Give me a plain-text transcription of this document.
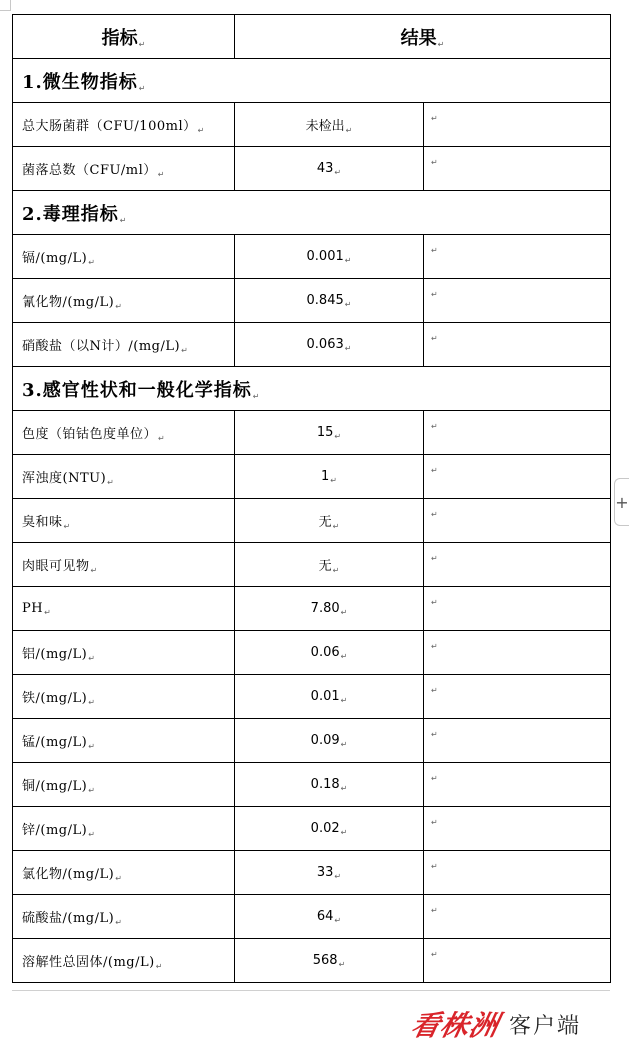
指标↵	结果↵	
1.微生物指标↵		
总大肠菌群$(CFU/100ml)_↵$	未检出$_↵$	↵
菌落总数$(CFU/ml)_↵$	$43_↵$	↵
2.毒理指标↵		
镉$/(mg/L)_↵$	$0.001_↵$	↵
氰化物$/(mg/L)_↵$	$0.845_↵$	↵
硝酸盐（以N计）$/(mg/L)_↵$	$0.063_↵$	↵
3.感官性状和一般化学指标↵		
色度（铂钴色度单位）$_↵$	$15_↵$	↵
浑浊度$(NTU)_↵$	$1_↵$	↵
臭和味$_↵$	无$_↵$	↵
肉眼可见物$_↵$	无$_↵$	↵
$PH_↵$	$7.80_↵$	↵
铝$/(mg/L)_↵$	$0.06_↵$	↵
铁$/(mg/L)_↵$	$0.01_↵$	↵
锰$/(mg/L)_↵$	$0.09_↵$	↵
铜$/(mg/L)_↵$	$0.18_↵$	↵
锌$/(mg/L)_↵$	$0.02_↵$	↵
氯化物$/(mg/L)_↵$	$33_↵$	↵
硫酸盐$/(mg/L)_↵$	$64_↵$	↵
溶解性总固体$/(mg/L)_↵$	$568_↵$	↵
+
看株洲 客户端
